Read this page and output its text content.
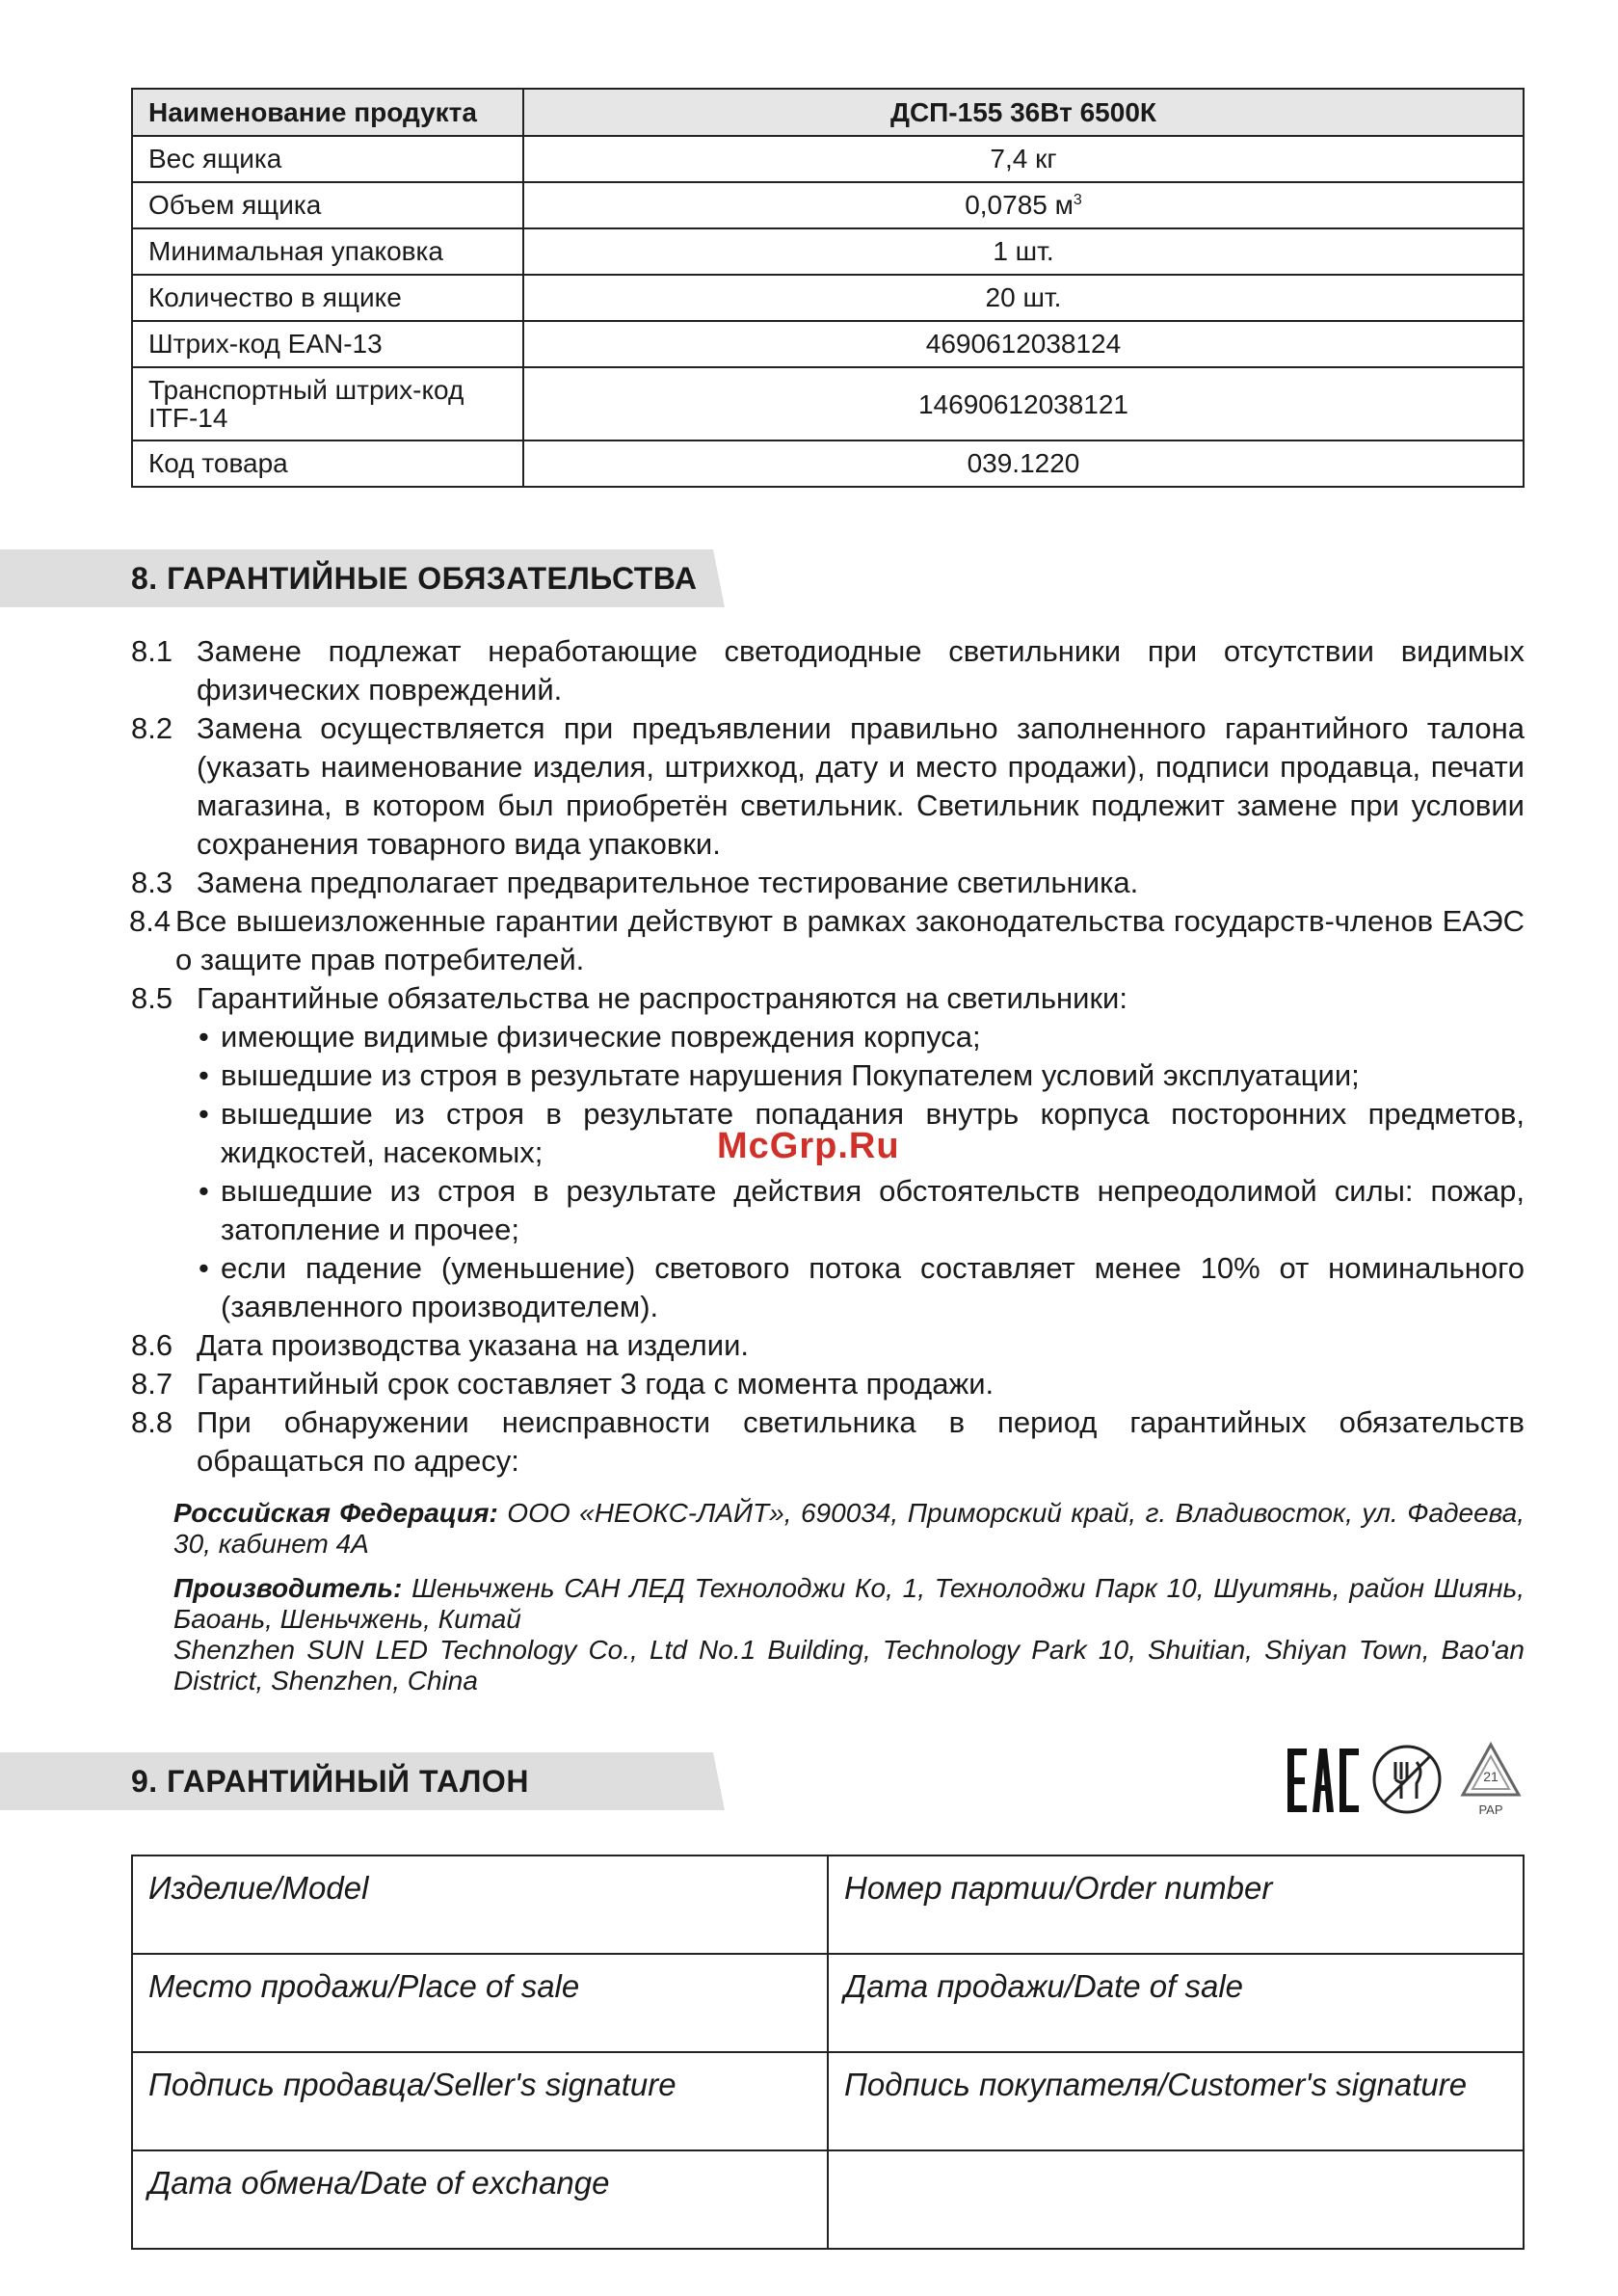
Наименование продукта	ДСП-155 36Вт 6500К
Вес ящика	7,4 кг
Объем ящика	0,0785 $м^3$
Минимальная упаковка	1 шт.
Количество в ящике	20 шт.
Штрих-код EAN-13	4690612038124
Транспортный штрих-код
ITF-14	14690612038121
Код товара	039.1220
8. ГАРАНТИЙНЫЕ ОБЯЗАТЕЛЬСТВА
8.1 Замене подлежат неработающие светодиодные светильники при отсутствии видимых физических повреждений.
8.2 Замена осуществляется при предъявлении правильно заполненного гарантийного талона (указать наименование изделия, штрихкод, дату и место продажи), подписи продавца, печати магазина, в котором был приобретён светильник. Светильник подлежит замене при условии сохранения товарного вида упаковки.
8.3 Замена предполагает предварительное тестирование светильника.
8.4 Все вышеизложенные гарантии действуют в рамках законодательства государств-членов ЕАЭС о защите прав потребителей.
8.5 Гарантийные обязательства не распространяются на светильники:
• имеющие видимые физические повреждения корпуса;
• вышедшие из строя в результате нарушения Покупателем условий эксплуатации;
• вышедшие из строя в результате попадания внутрь корпуса посторонних предметов, жидкостей, насекомых;
• вышедшие из строя в результате действия обстоятельств непреодолимой силы: пожар, затопление и прочее;
• если падение (уменьшение) светового потока составляет менее 10% от номинального (заявленного производителем).
8.6 Дата производства указана на изделии.
8.7 Гарантийный срок составляет 3 года с момента продажи.
8.8 При обнаружении неисправности светильника в период гарантийных обязательств обращаться по адресу:
McGrp.Ru
Российская Федерация: ООО «НЕОКС-ЛАЙТ», 690034, Приморский край, г. Владивосток, ул. Фадеева, 30, кабинет 4А
Производитель: Шеньчжень САН ЛЕД Технолоджи Ко, 1, Технолоджи Парк 10, Шуитянь, район Шиянь, Баоань, Шеньчжень, Китай
Shenzhen SUN LED Technology Co., Ltd No.1 Building, Technology Park 10, Shuitian, Shiyan Town, Bao'an District, Shenzhen, China
9. ГАРАНТИЙНЫЙ ТАЛОН	21
PAP
Изделие/Model	Номер партии/Order number
Место продажи/Place of sale	Дата продажи/Date of sale
Подпись продавца/Seller's signature	Подпись покупателя/Customer's signature
Дата обмена/Date of exchange	
